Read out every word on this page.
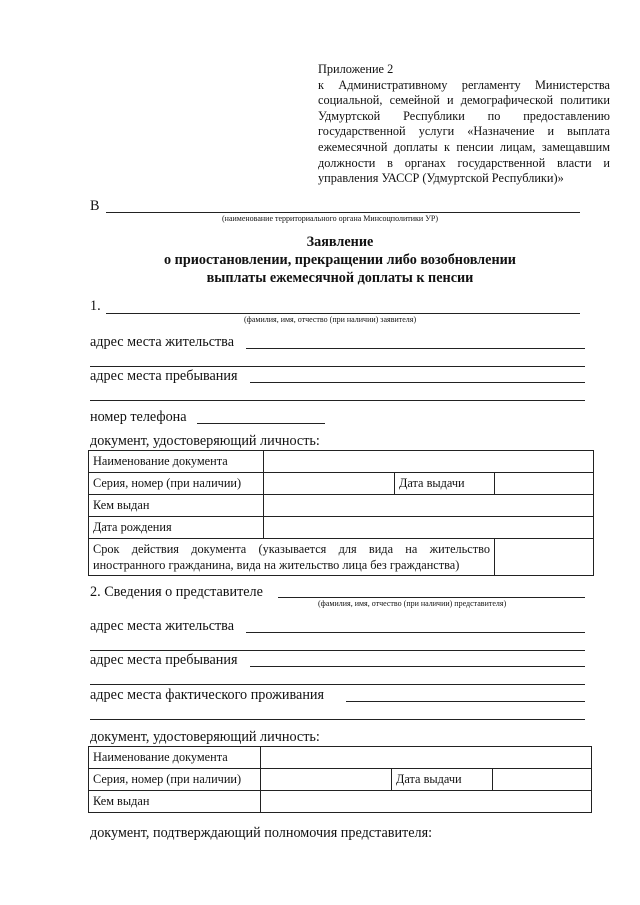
Приложение 2
к Административному регламенту Министерства
социальной, семейной и демографической политики
Удмуртской Республики по предоставлению
государственной услуги «Назначение и выплата
ежемесячной доплаты к пенсии лицам, замещавшим
должности в органах государственной власти и
управления УАССР (Удмуртской Республики)»
В
(наименование территориального органа Минсоцполитики УР)
Заявление
о приостановлении, прекращении либо возобновлении
выплаты ежемесячной доплаты к пенсии
1.
(фамилия, имя, отчество (при наличии) заявителя)
адрес места жительства
адрес места пребывания
номер телефона
документ, удостоверяющий личность:
Наименование документа			
Серия, номер (при наличии)		Дата выдачи	
Кем выдан			
Дата рождения			

Срок действия документа (указывается для вида на жительство
иностранного гражданина, вида на жительство лица без гражданства)			
2. Сведения о представителе
(фамилия, имя, отчество (при наличии) представителя)
адрес места жительства
адрес места пребывания
адрес места фактического проживания
документ, удостоверяющий личность:
Наименование документа			
Серия, номер (при наличии)		Дата выдачи	
Кем выдан			
документ, подтверждающий полномочия представителя:
